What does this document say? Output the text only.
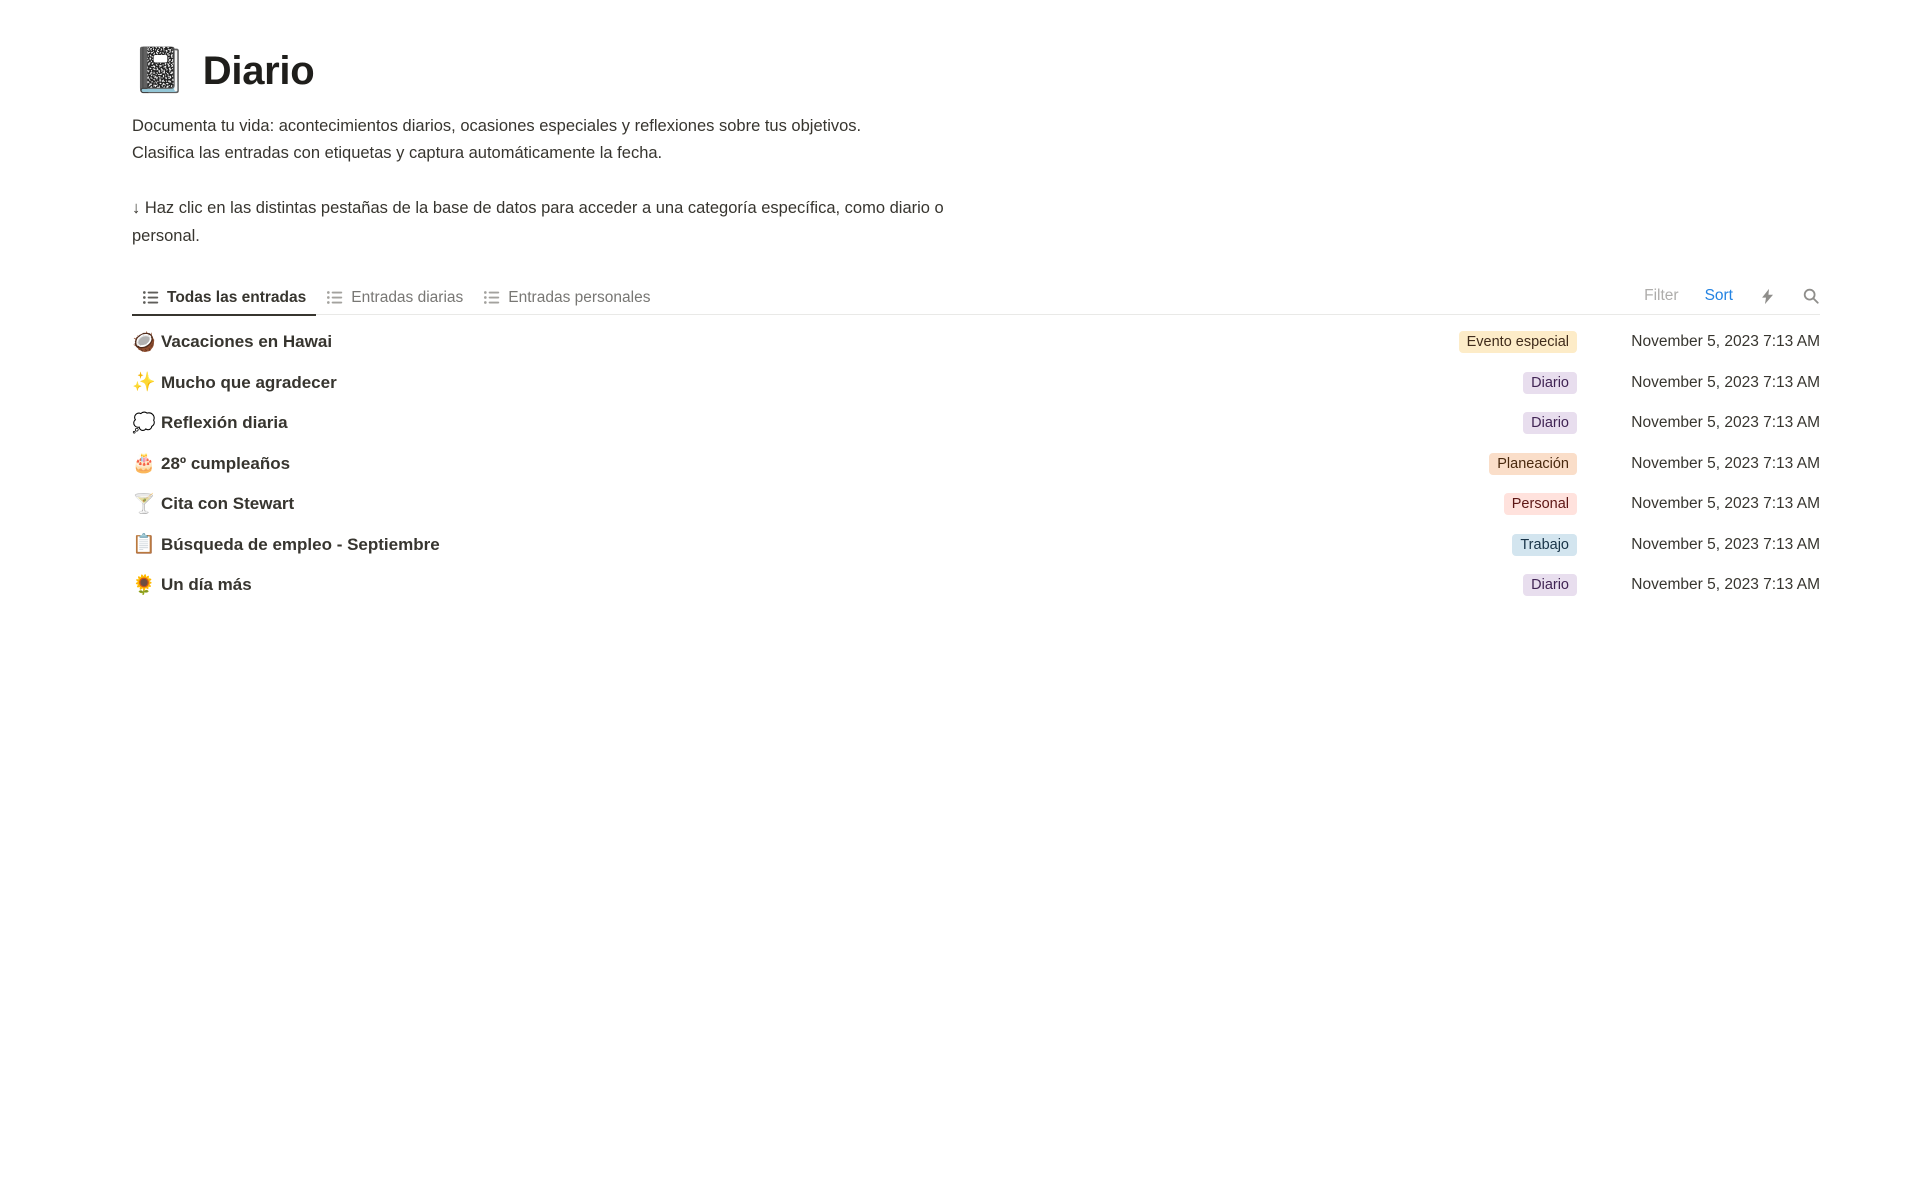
📓 Diario
Documenta tu vida: acontecimientos diarios, ocasiones especiales y reflexiones sobre tus objetivos.
Clasifica las entradas con etiquetas y captura automáticamente la fecha.
↓ Haz clic en las distintas pestañas de la base de datos para acceder a una categoría específica, como diario o
personal.
Todas las entradas	Entradas diarias	Entradas personales	Filter Sort
🥥 Vacaciones en Hawai	Evento especial	November 5, 2023 7:13 AM
✨ Mucho que agradecer	Diario	November 5, 2023 7:13 AM
💭 Reflexión diaria	Diario	November 5, 2023 7:13 AM
🎂 28º cumpleaños	Planeación	November 5, 2023 7:13 AM
🍸 Cita con Stewart	Personal	November 5, 2023 7:13 AM
📋 Búsqueda de empleo - Septiembre	Trabajo	November 5, 2023 7:13 AM
🌻 Un día más	Diario	November 5, 2023 7:13 AM
